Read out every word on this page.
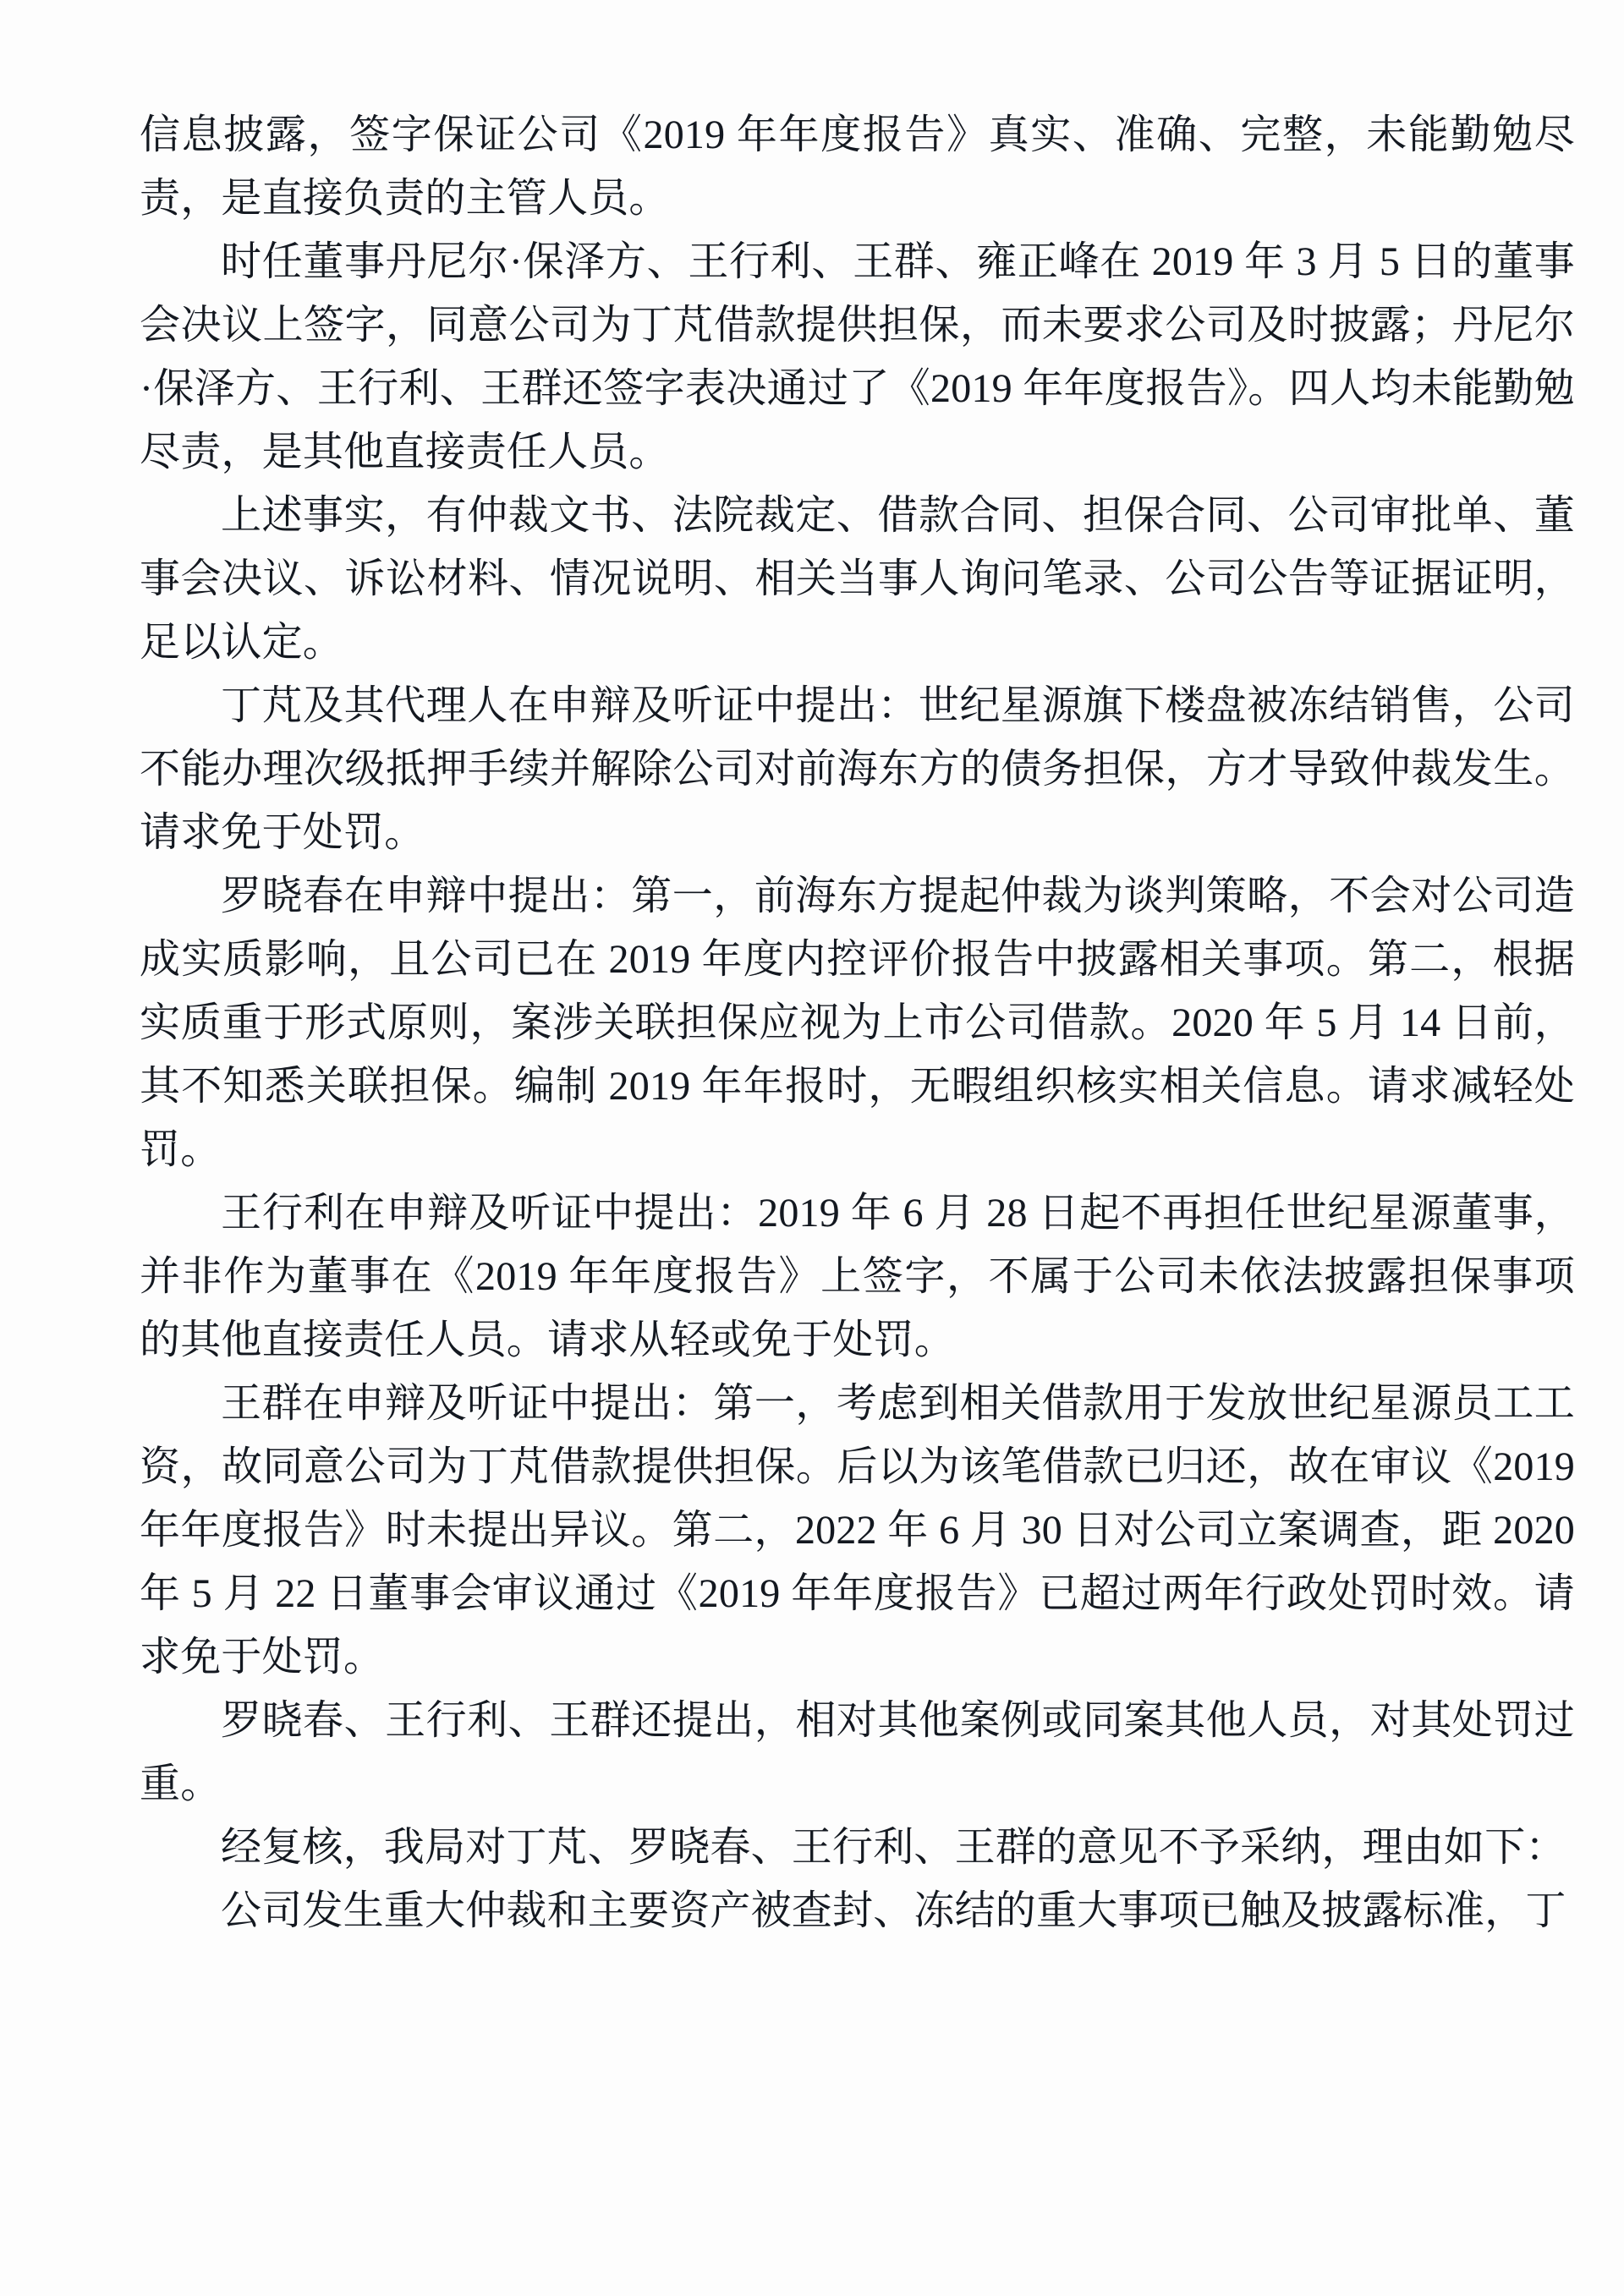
信息披露，签字保证公司《2019 年年度报告》真实、准确、完整，未能勤勉尽责，是直接负责的主管人员。

时任董事丹尼尔·保泽方、王行利、王群、雍正峰在 2019 年 3 月 5 日的董事会决议上签字，同意公司为丁芃借款提供担保，而未要求公司及时披露；丹尼尔·保泽方、王行利、王群还签字表决通过了《2019 年年度报告》。四人均未能勤勉尽责，是其他直接责任人员。

上述事实，有仲裁文书、法院裁定、借款合同、担保合同、公司审批单、董事会决议、诉讼材料、情况说明、相关当事人询问笔录、公司公告等证据证明，足以认定。

丁芃及其代理人在申辩及听证中提出：世纪星源旗下楼盘被冻结销售，公司不能办理次级抵押手续并解除公司对前海东方的债务担保，方才导致仲裁发生。请求免于处罚。

罗晓春在申辩中提出：第一，前海东方提起仲裁为谈判策略，不会对公司造成实质影响，且公司已在 2019 年度内控评价报告中披露相关事项。第二，根据实质重于形式原则，案涉关联担保应视为上市公司借款。2020 年 5 月 14 日前，其不知悉关联担保。编制 2019 年年报时，无暇组织核实相关信息。请求减轻处罚。

王行利在申辩及听证中提出：2019 年 6 月 28 日起不再担任世纪星源董事，并非作为董事在《2019 年年度报告》上签字，不属于公司未依法披露担保事项的其他直接责任人员。请求从轻或免于处罚。

王群在申辩及听证中提出：第一，考虑到相关借款用于发放世纪星源员工工资，故同意公司为丁芃借款提供担保。后以为该笔借款已归还，故在审议《2019 年年度报告》时未提出异议。第二，2022 年 6 月 30 日对公司立案调查，距 2020 年 5 月 22 日董事会审议通过《2019 年年度报告》已超过两年行政处罚时效。请求免于处罚。

罗晓春、王行利、王群还提出，相对其他案例或同案其他人员，对其处罚过重。

经复核，我局对丁芃、罗晓春、王行利、王群的意见不予采纳，理由如下：

公司发生重大仲裁和主要资产被查封、冻结的重大事项已触及披露标准，丁
